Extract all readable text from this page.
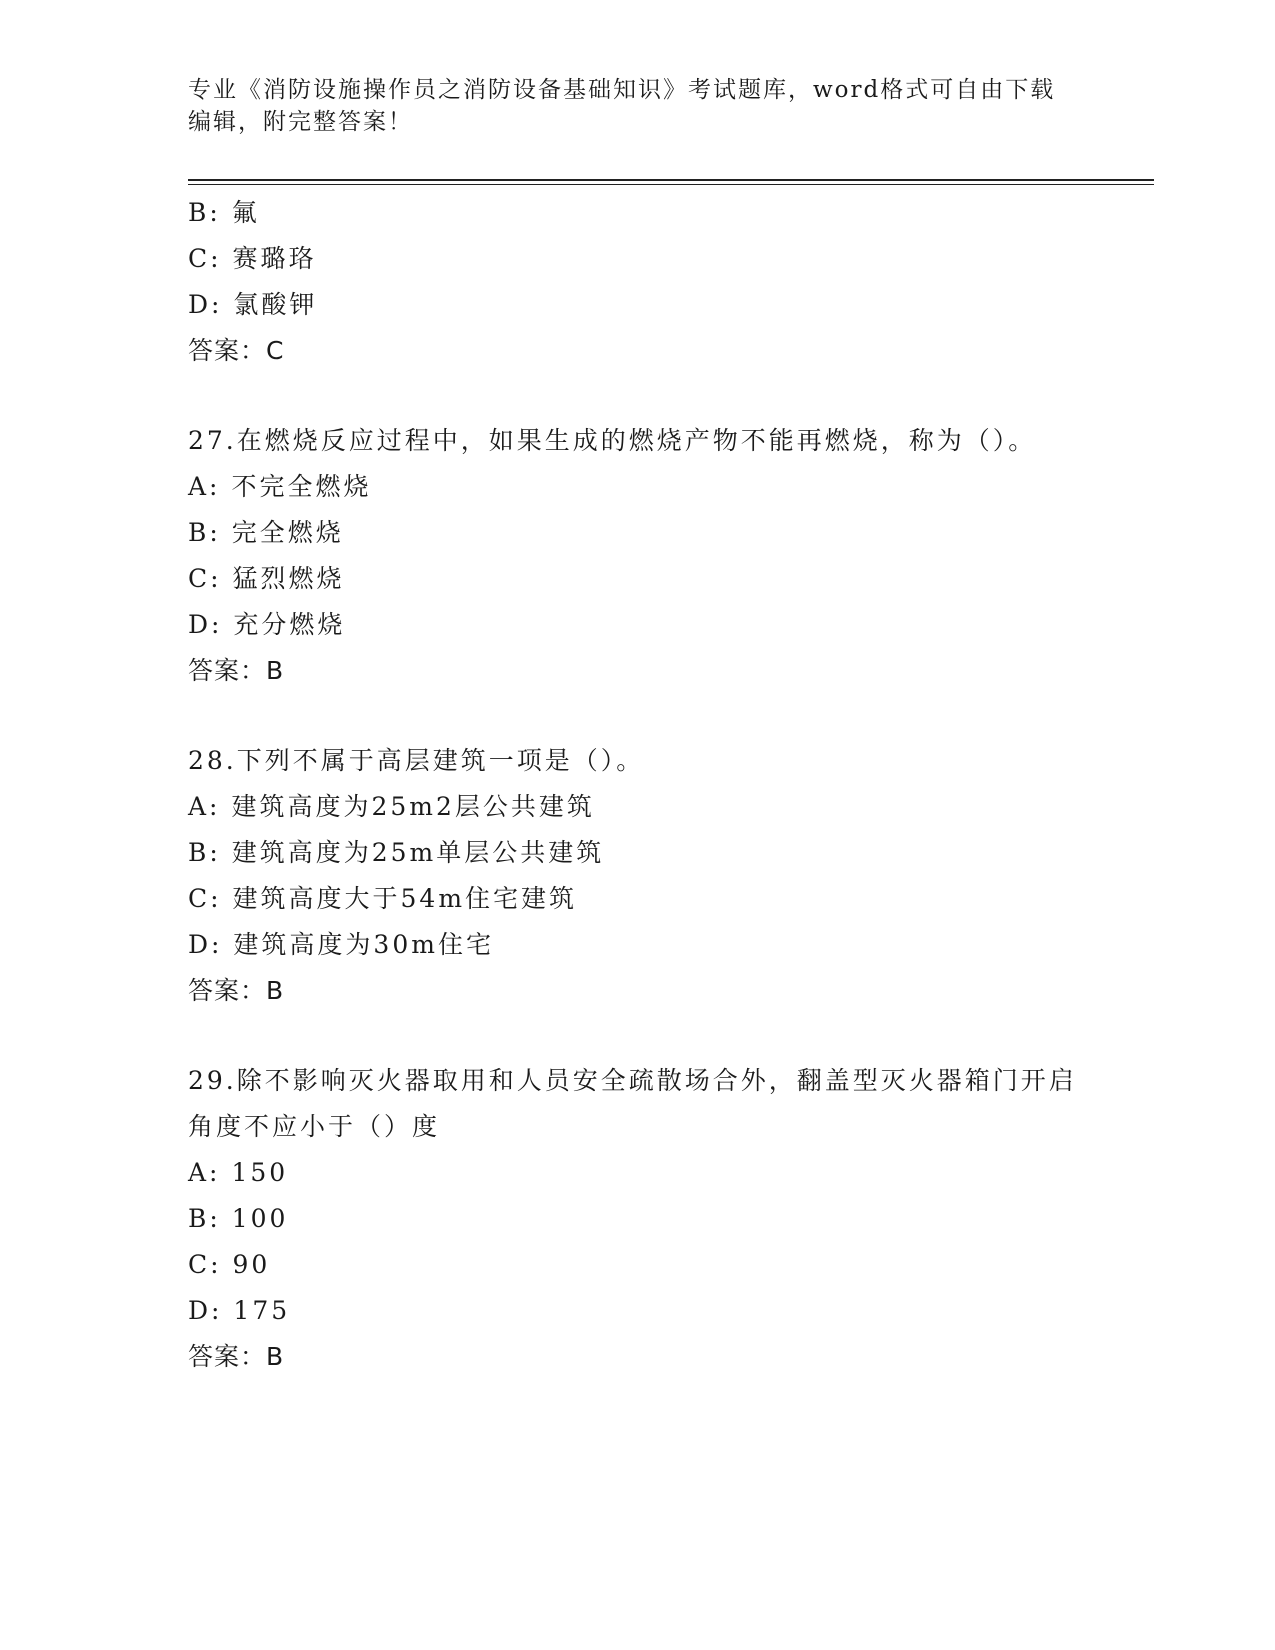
专业《消防设施操作员之消防设备基础知识》考试题库，word格式可自由下载编辑，附完整答案！
B: 氟
C: 赛璐珞
D: 氯酸钾
答案：C
27.在燃烧反应过程中，如果生成的燃烧产物不能再燃烧，称为（）。
A: 不完全燃烧
B: 完全燃烧
C: 猛烈燃烧
D: 充分燃烧
答案：B
28.下列不属于高层建筑一项是（）。
A: 建筑高度为25m2层公共建筑
B: 建筑高度为25m单层公共建筑
C: 建筑高度大于54m住宅建筑
D: 建筑高度为30m住宅
答案：B
29.除不影响灭火器取用和人员安全疏散场合外，翻盖型灭火器箱门开启角度不应小于（）度
A: 150
B: 100
C: 90
D: 175
答案：B
